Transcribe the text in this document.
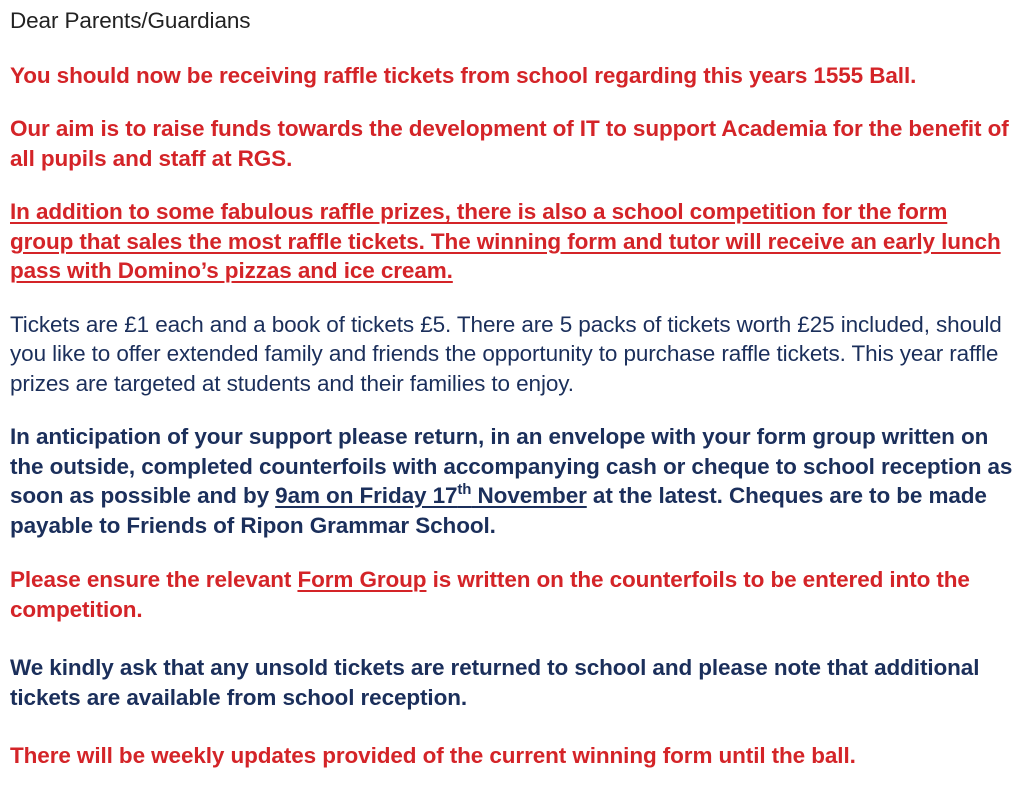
Dear Parents/Guardians

You should now be receiving raffle tickets from school regarding this years 1555 Ball.

Our aim is to raise funds towards the development of IT to support Academia for the benefit of all pupils and staff at RGS.

In addition to some fabulous raffle prizes, there is also a school competition for the form group that sales the most raffle tickets. The winning form and tutor will receive an early lunch pass with Domino’s pizzas and ice cream.

Tickets are £1 each and a book of tickets £5. There are 5 packs of tickets worth £25 included, should you like to offer extended family and friends the opportunity to purchase raffle tickets. This year raffle prizes are targeted at students and their families to enjoy.

In anticipation of your support please return, in an envelope with your form group written on the outside, completed counterfoils with accompanying cash or cheque to school reception as soon as possible and by 9am on Friday 17th November at the latest. Cheques are to be made payable to Friends of Ripon Grammar School.

Please ensure the relevant Form Group is written on the counterfoils to be entered into the competition.

We kindly ask that any unsold tickets are returned to school and please note that additional tickets are available from school reception.

There will be weekly updates provided of the current winning form until the ball.
